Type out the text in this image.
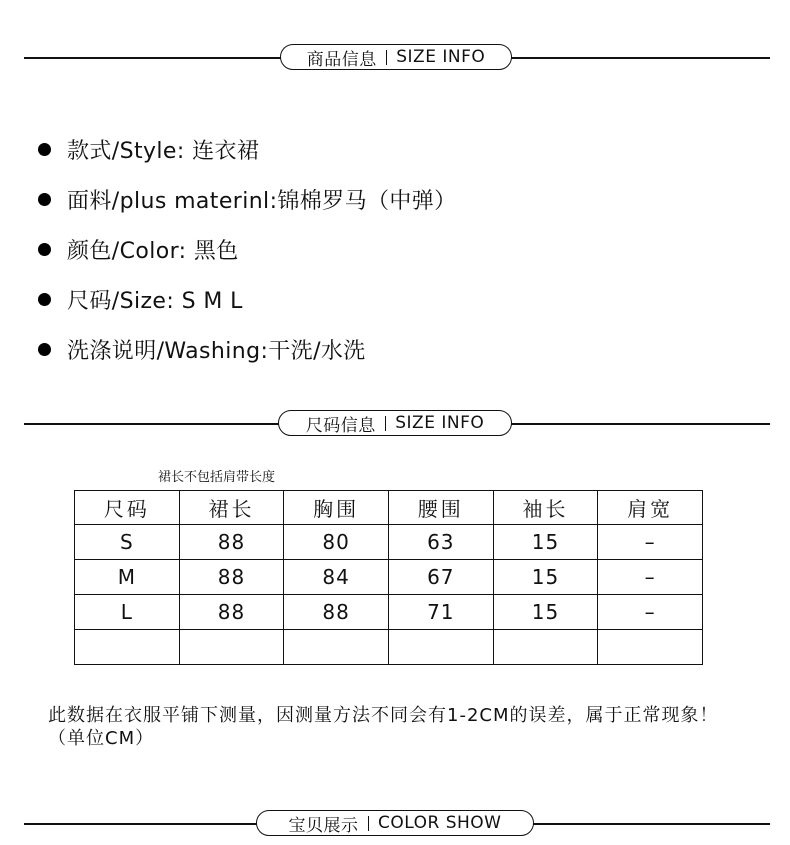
商品信息 SIZE INFO
款式/Style: 连衣裙
面料/plus materinl:锦棉罗马（中弹）
颜色/Color: 黑色
尺码/Size: S M L
洗涤说明/Washing:干洗/水洗
尺码信息 SIZE INFO
裙长不包括肩带长度
尺码	裙长	胸围	腰围	袖长	肩宽
S	88	80	63	15	–
M	88	84	67	15	–
L	88	88	71	15	–

此数据在衣服平铺下测量，因测量方法不同会有1-2CM的误差，属于正常现象！（单位CM）
宝贝展示 COLOR SHOW
